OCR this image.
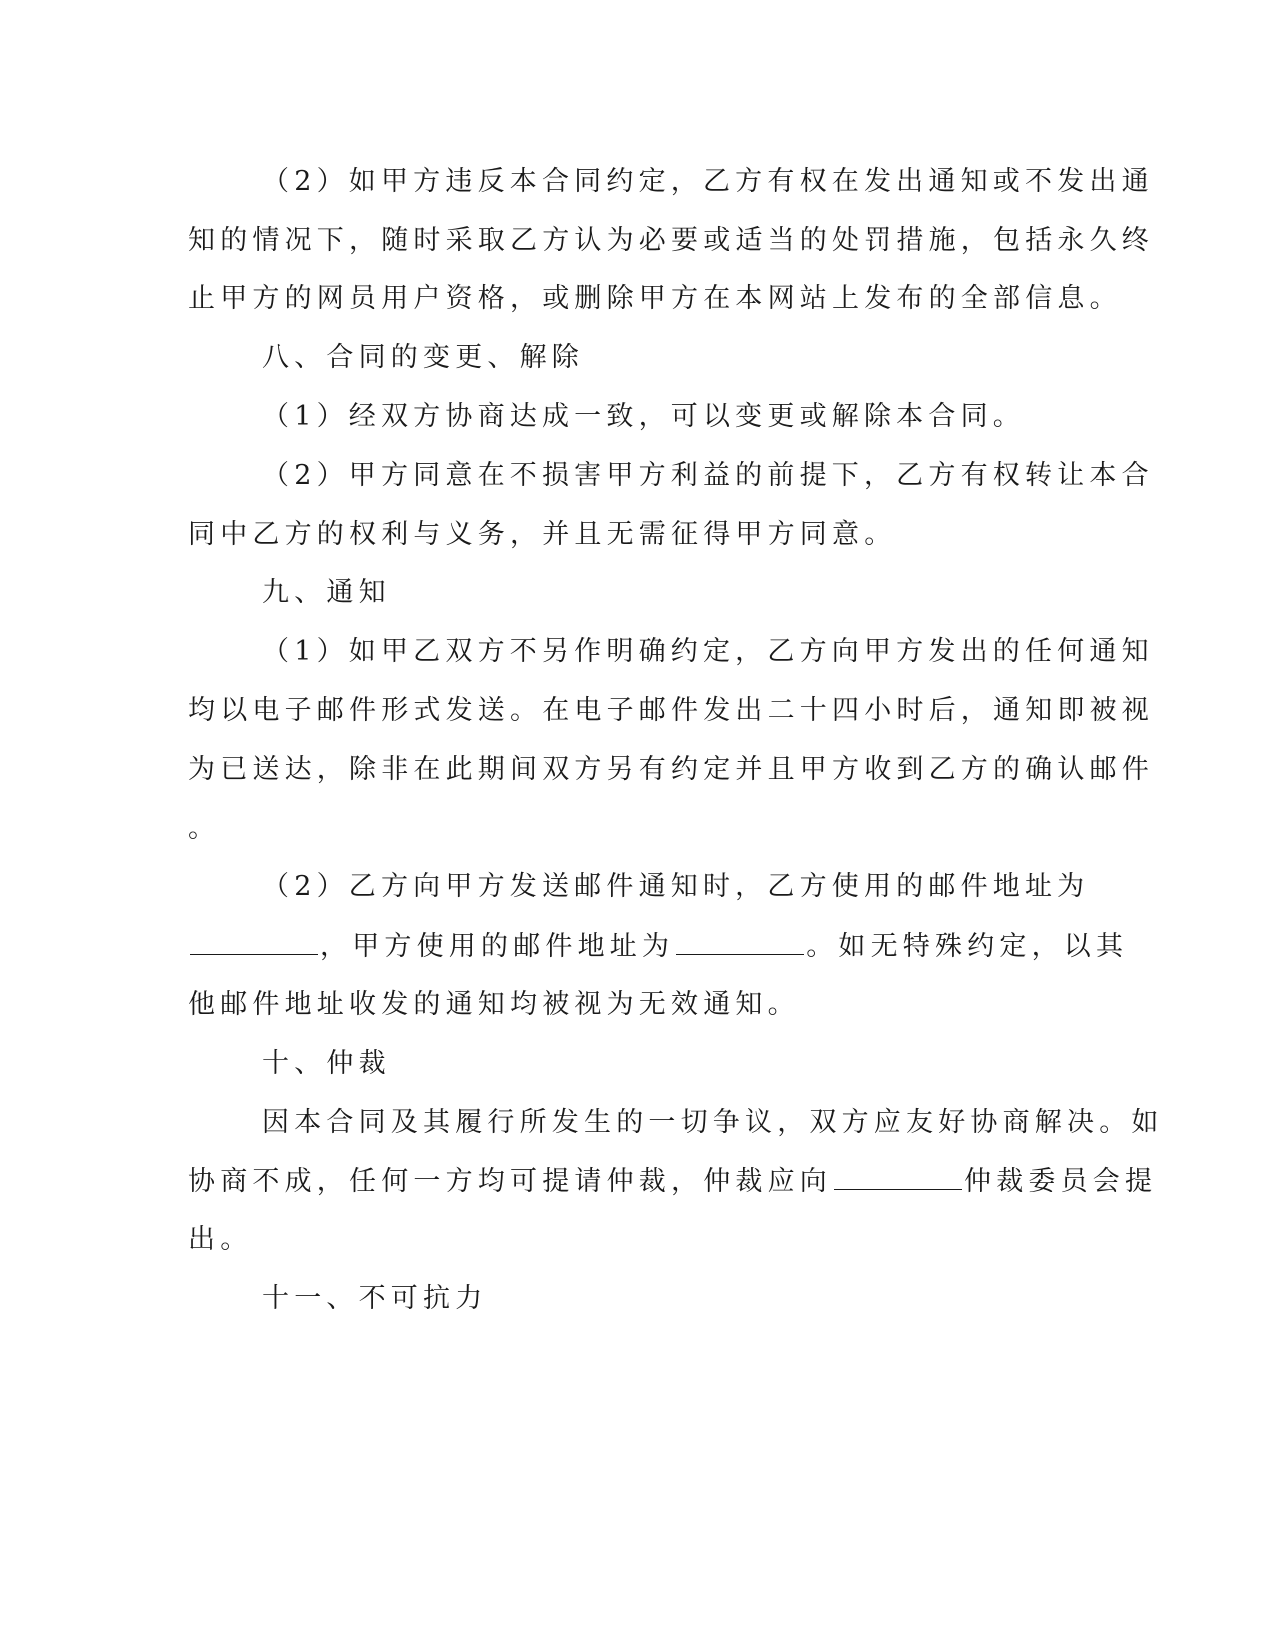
（2）如甲方违反本合同约定，乙方有权在发出通知或不发出通
知的情况下，随时采取乙方认为必要或适当的处罚措施，包括永久终
止甲方的网员用户资格，或删除甲方在本网站上发布的全部信息。
八、合同的变更、解除
（1）经双方协商达成一致，可以变更或解除本合同。
（2）甲方同意在不损害甲方利益的前提下，乙方有权转让本合
同中乙方的权利与义务，并且无需征得甲方同意。
九、通知
（1）如甲乙双方不另作明确约定，乙方向甲方发出的任何通知
均以电子邮件形式发送。在电子邮件发出二十四小时后，通知即被视
为已送达，除非在此期间双方另有约定并且甲方收到乙方的确认邮件
。
（2）乙方向甲方发送邮件通知时，乙方使用的邮件地址为
，甲方使用的邮件地址为	。如无特殊约定，以其
他邮件地址收发的通知均被视为无效通知。
十、仲裁
因本合同及其履行所发生的一切争议，双方应友好协商解决。如
协商不成，任何一方均可提请仲裁，仲裁应向	仲裁委员会提
出。
十一、不可抗力
